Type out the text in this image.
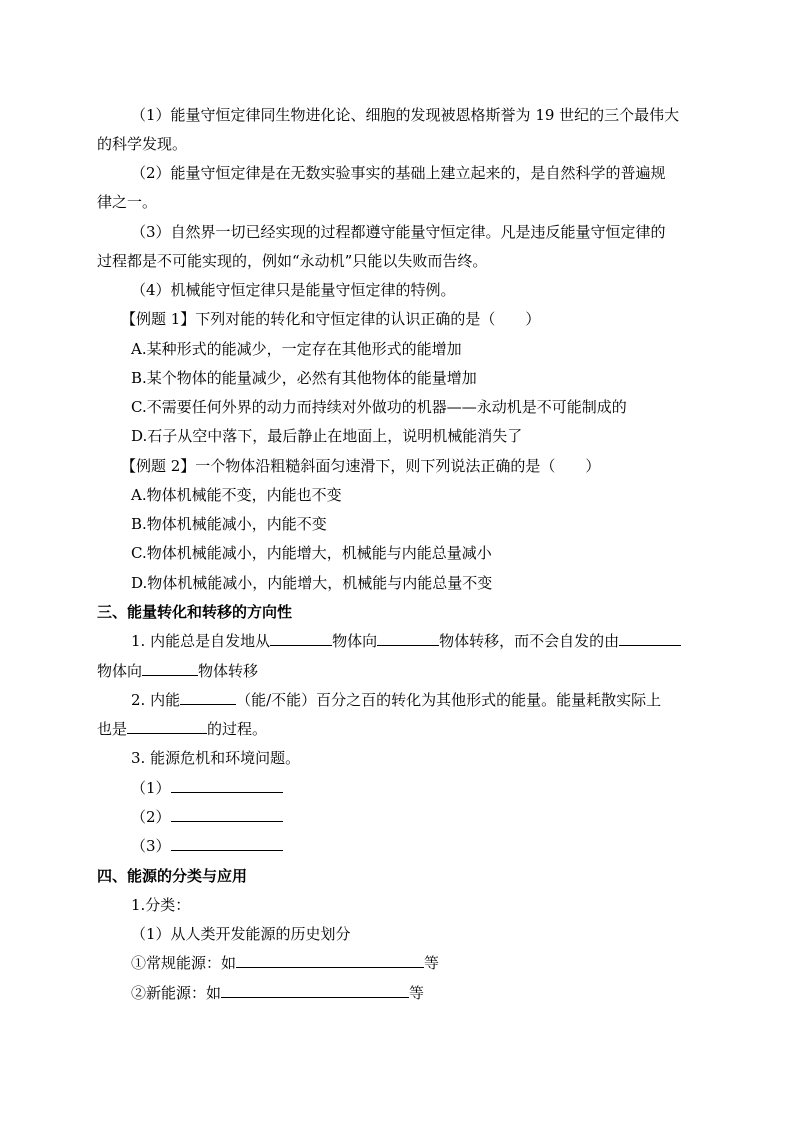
（1）能量守恒定律同生物进化论、细胞的发现被恩格斯誉为 19 世纪的三个最伟大
的科学发现。
（2）能量守恒定律是在无数实验事实的基础上建立起来的，是自然科学的普遍规
律之一。
（3）自然界一切已经实现的过程都遵守能量守恒定律。凡是违反能量守恒定律的
过程都是不可能实现的，例如“永动机”只能以失败而告终。
（4）机械能守恒定律只是能量守恒定律的特例。
【例题 1】下列对能的转化和守恒定律的认识正确的是（　　）
A.某种形式的能减少，一定存在其他形式的能增加
B.某个物体的能量减少，必然有其他物体的能量增加
C.不需要任何外界的动力而持续对外做功的机器——永动机是不可能制成的
D.石子从空中落下，最后静止在地面上，说明机械能消失了
【例题 2】一个物体沿粗糙斜面匀速滑下，则下列说法正确的是（　　）
A.物体机械能不变，内能也不变
B.物体机械能减小，内能不变
C.物体机械能减小，内能增大，机械能与内能总量减小
D.物体机械能减小，内能增大，机械能与内能总量不变
三、能量转化和转移的方向性
1. 内能总是自发地从	物体向	物体转移，而不会自发的由
物体向	物体转移
2. 内能	（能/不能）百分之百的转化为其他形式的能量。能量耗散实际上
也是	的过程。
3. 能源危机和环境问题。
（1）
（2）
（3）
四、能源的分类与应用
1.分类：
（1）从人类开发能源的历史划分
①常规能源：如	等
②新能源：如	等
